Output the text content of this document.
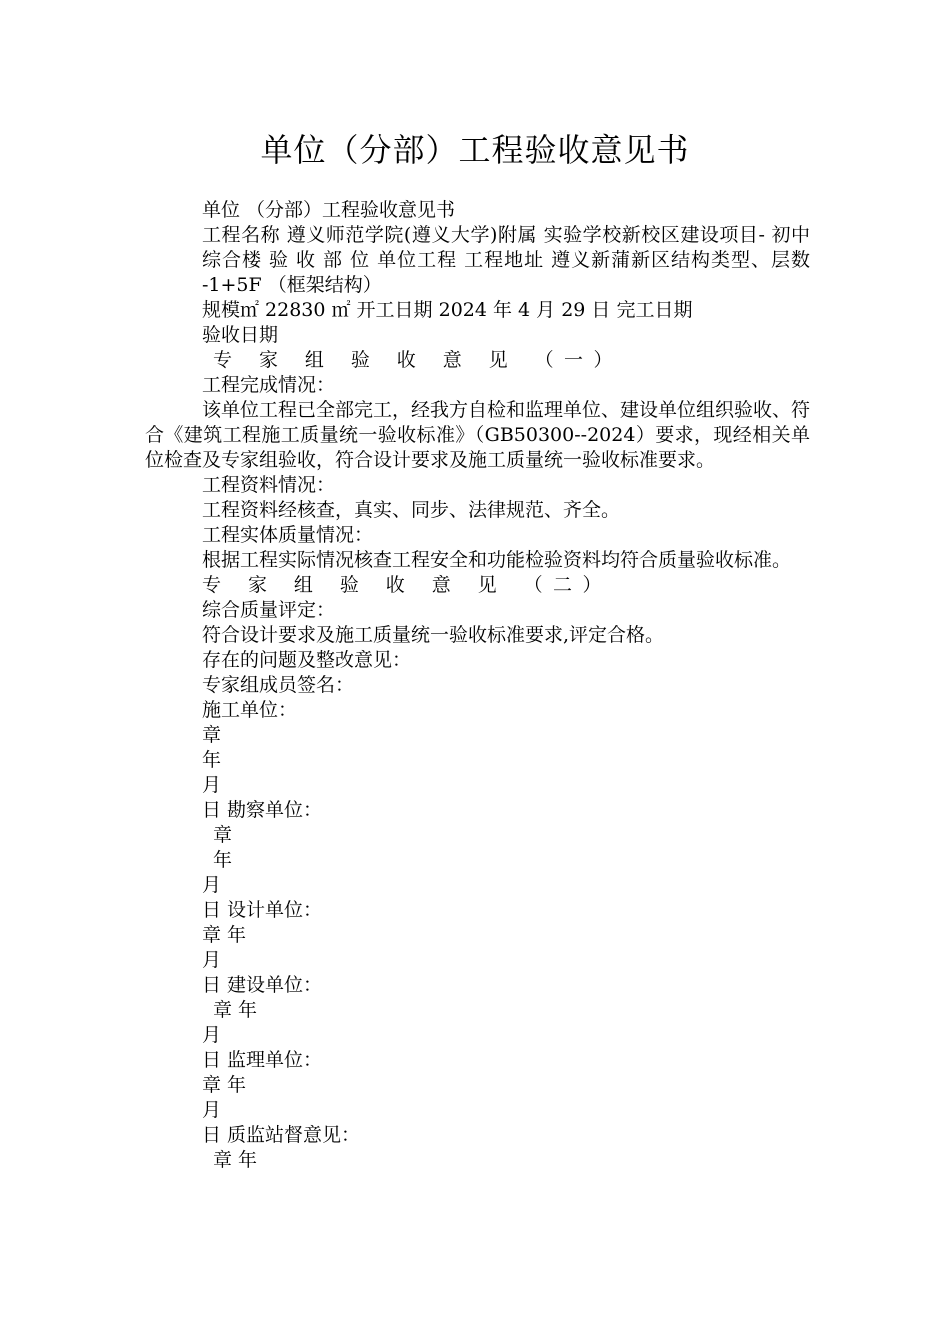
单位（分部）工程验收意见书

单位 （分部）工程验收意见书

工程名称 遵义师范学院(遵义大学)附属 实验学校新校区建设项目- 初中综合楼 验 收 部 位 单位工程 工程地址 遵义新蒲新区结构类型、层数 -1+5F （框架结构）

规模㎡ 22830 ㎡ 开工日期 2024 年 4 月 29 日 完工日期

验收日期

专 家 组 验 收 意 见 （一）

工程完成情况：

该单位工程已全部完工，经我方自检和监理单位、建设单位组织验收、符合《建筑工程施工质量统一验收标准》（GB50300--2024）要求，现经相关单位检查及专家组验收，符合设计要求及施工质量统一验收标准要求。

工程资料情况：

工程资料经核查，真实、同步、法律规范、齐全。

工程实体质量情况：

根据工程实际情况核查工程安全和功能检验资料均符合质量验收标准。

专 家 组 验 收 意 见 （二）

综合质量评定：

符合设计要求及施工质量统一验收标准要求,评定合格。

存在的问题及整改意见：

专家组成员签名：

施工单位：

章

年

月

日 勘察单位：

章

年

月

日 设计单位：

章 年

月

日 建设单位：

章 年

月

日 监理单位：

章 年

月

日 质监站督意见：

章 年
